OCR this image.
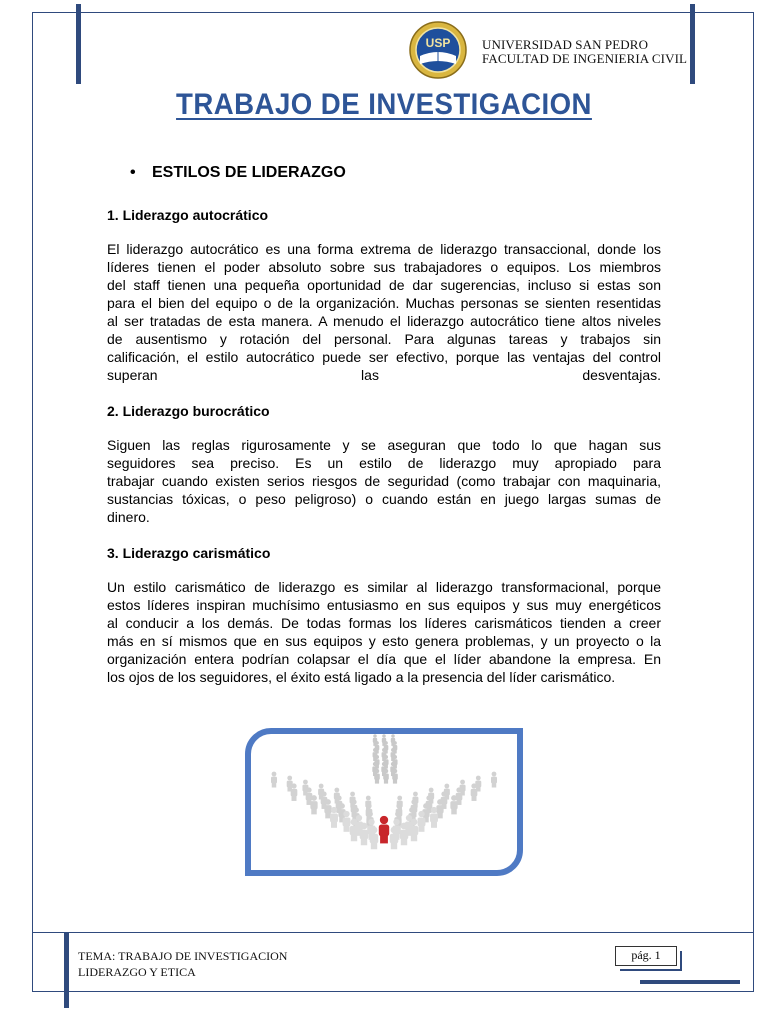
USP UNIVERSIDAD SAN PEDRO
FACULTAD DE INGENIERIA CIVIL
TRABAJO DE INVESTIGACION
• ESTILOS DE LIDERAZGO
1. Liderazgo autocrático
El liderazgo autocrático es una forma extrema de liderazgo transaccional, donde los
líderes tienen el poder absoluto sobre sus trabajadores o equipos. Los miembros
del staff tienen una pequeña oportunidad de dar sugerencias, incluso si estas son
para el bien del equipo o de la organización. Muchas personas se sienten resentidas
al ser tratadas de esta manera. A menudo el liderazgo autocrático tiene altos niveles
de ausentismo y rotación del personal. Para algunas tareas y trabajos sin
calificación, el estilo autocrático puede ser efectivo, porque las ventajas del control
superan las desventajas.
2. Liderazgo burocrático
Siguen las reglas rigurosamente y se aseguran que todo lo que hagan sus
seguidores sea preciso. Es un estilo de liderazgo muy apropiado para
trabajar cuando existen serios riesgos de seguridad (como trabajar con maquinaria,
sustancias tóxicas, o peso peligroso) o cuando están en juego largas sumas de
dinero.
3. Liderazgo carismático
Un estilo carismático de liderazgo es similar al liderazgo transformacional, porque
estos líderes inspiran muchísimo entusiasmo en sus equipos y sus muy energéticos
al conducir a los demás. De todas formas los líderes carismáticos tienden a creer
más en sí mismos que en sus equipos y esto genera problemas, y un proyecto o la
organización entera podrían colapsar el día que el líder abandone la empresa. En
los ojos de los seguidores, el éxito está ligado a la presencia del líder carismático.
TEMA: TRABAJO DE INVESTIGACION
LIDERAZGO Y ETICA
pág. 1
